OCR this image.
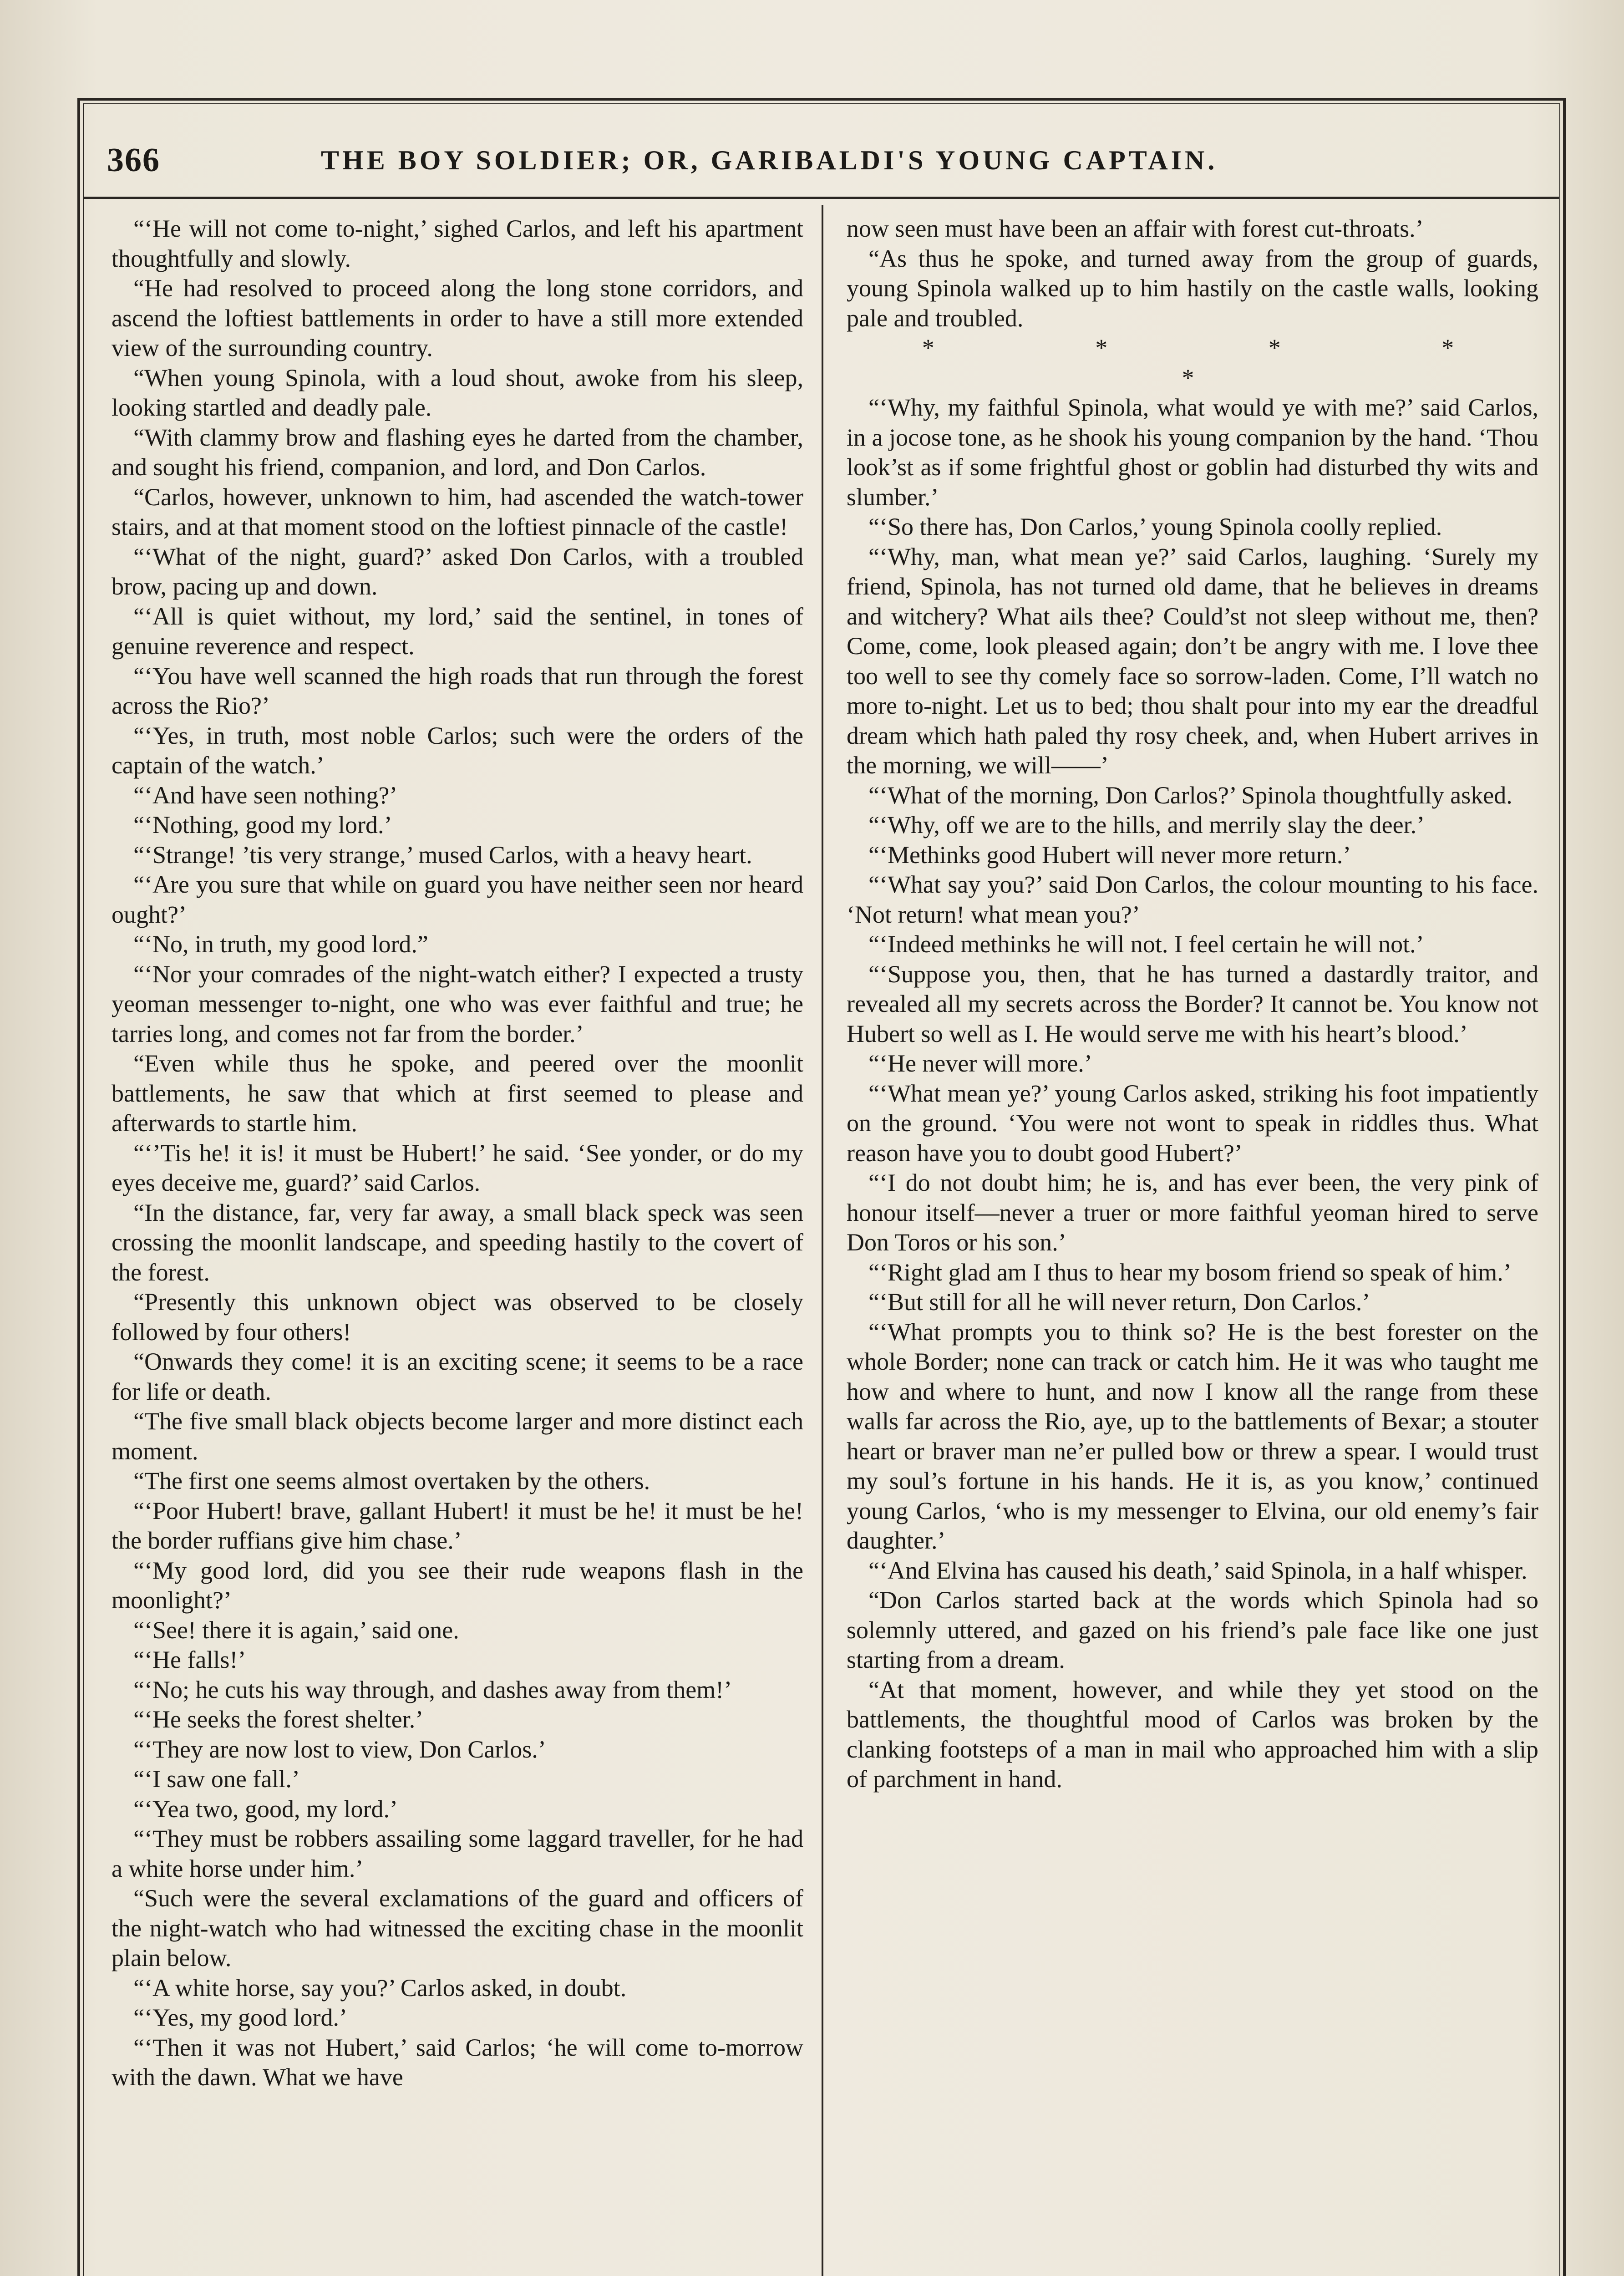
366	THE BOY SOLDIER; OR, GARIBALDI'S YOUNG CAPTAIN.

“‘He will not come to-night,’ sighed Carlos, and left his apartment thoughtfully and slowly.

“He had resolved to proceed along the long stone corridors, and ascend the loftiest battlements in order to have a still more extended view of the surrounding country.

“When young Spinola, with a loud shout, awoke from his sleep, looking startled and deadly pale.

“With clammy brow and flashing eyes he darted from the chamber, and sought his friend, companion, and lord, and Don Carlos.

“Carlos, however, unknown to him, had ascended the watch-tower stairs, and at that moment stood on the loftiest pinnacle of the castle!

“‘What of the night, guard?’ asked Don Carlos, with a troubled brow, pacing up and down.

“‘All is quiet without, my lord,’ said the sentinel, in tones of genuine reverence and respect.

“‘You have well scanned the high roads that run through the forest across the Rio?’

“‘Yes, in truth, most noble Carlos; such were the orders of the captain of the watch.’

“‘And have seen nothing?’

“‘Nothing, good my lord.’

“‘Strange! ’tis very strange,’ mused Carlos, with a heavy heart.

“‘Are you sure that while on guard you have neither seen nor heard ought?’

“‘No, in truth, my good lord.”

“‘Nor your comrades of the night-watch either? I expected a trusty yeoman messenger to-night, one who was ever faithful and true; he tarries long, and comes not far from the border.’

“Even while thus he spoke, and peered over the moonlit battlements, he saw that which at first seemed to please and afterwards to startle him.

“‘’Tis he! it is! it must be Hubert!’ he said. ‘See yonder, or do my eyes deceive me, guard?’ said Carlos.

“In the distance, far, very far away, a small black speck was seen crossing the moonlit landscape, and speeding hastily to the covert of the forest.

“Presently this unknown object was observed to be closely followed by four others!

“Onwards they come! it is an exciting scene; it seems to be a race for life or death.

“The five small black objects become larger and more distinct each moment.

“The first one seems almost overtaken by the others.

“‘Poor Hubert! brave, gallant Hubert! it must be he! it must be he! the border ruffians give him chase.’

“‘My good lord, did you see their rude weapons flash in the moonlight?’

“‘See! there it is again,’ said one.

“‘He falls!’

“‘No; he cuts his way through, and dashes away from them!’

“‘He seeks the forest shelter.’

“‘They are now lost to view, Don Carlos.’

“‘I saw one fall.’

“‘Yea two, good, my lord.’

“‘They must be robbers assailing some laggard traveller, for he had a white horse under him.’

“Such were the several exclamations of the guard and officers of the night-watch who had witnessed the exciting chase in the moonlit plain below.

“‘A white horse, say you?’ Carlos asked, in doubt.

“‘Yes, my good lord.’

“‘Then it was not Hubert,’ said Carlos; ‘he will come to-morrow with the dawn. What we have

now seen must have been an affair with forest cut-throats.’

“As thus he spoke, and turned away from the group of guards, young Spinola walked up to him hastily on the castle walls, looking pale and troubled.

* * * * *

“‘Why, my faithful Spinola, what would ye with me?’ said Carlos, in a jocose tone, as he shook his young companion by the hand. ‘Thou look’st as if some frightful ghost or goblin had disturbed thy wits and slumber.’

“‘So there has, Don Carlos,’ young Spinola coolly replied.

“‘Why, man, what mean ye?’ said Carlos, laughing. ‘Surely my friend, Spinola, has not turned old dame, that he believes in dreams and witchery? What ails thee? Could’st not sleep without me, then? Come, come, look pleased again; don’t be angry with me. I love thee too well to see thy comely face so sorrow-laden. Come, I’ll watch no more to-night. Let us to bed; thou shalt pour into my ear the dreadful dream which hath paled thy rosy cheek, and, when Hubert arrives in the morning, we will——’

“‘What of the morning, Don Carlos?’ Spinola thoughtfully asked.

“‘Why, off we are to the hills, and merrily slay the deer.’

“‘Methinks good Hubert will never more return.’

“‘What say you?’ said Don Carlos, the colour mounting to his face. ‘Not return! what mean you?’

“‘Indeed methinks he will not. I feel certain he will not.’

“‘Suppose you, then, that he has turned a dastardly traitor, and revealed all my secrets across the Border? It cannot be. You know not Hubert so well as I. He would serve me with his heart’s blood.’

“‘He never will more.’

“‘What mean ye?’ young Carlos asked, striking his foot impatiently on the ground. ‘You were not wont to speak in riddles thus. What reason have you to doubt good Hubert?’

“‘I do not doubt him; he is, and has ever been, the very pink of honour itself—never a truer or more faithful yeoman hired to serve Don Toros or his son.’

“‘Right glad am I thus to hear my bosom friend so speak of him.’

“‘But still for all he will never return, Don Carlos.’

“‘What prompts you to think so? He is the best forester on the whole Border; none can track or catch him. He it was who taught me how and where to hunt, and now I know all the range from these walls far across the Rio, aye, up to the battlements of Bexar; a stouter heart or braver man ne’er pulled bow or threw a spear. I would trust my soul’s fortune in his hands. He it is, as you know,’ continued young Carlos, ‘who is my messenger to Elvina, our old enemy’s fair daughter.’

“‘And Elvina has caused his death,’ said Spinola, in a half whisper.

“Don Carlos started back at the words which Spinola had so solemnly uttered, and gazed on his friend’s pale face like one just starting from a dream.

“At that moment, however, and while they yet stood on the battlements, the thoughtful mood of Carlos was broken by the clanking footsteps of a man in mail who approached him with a slip of parchment in hand.
